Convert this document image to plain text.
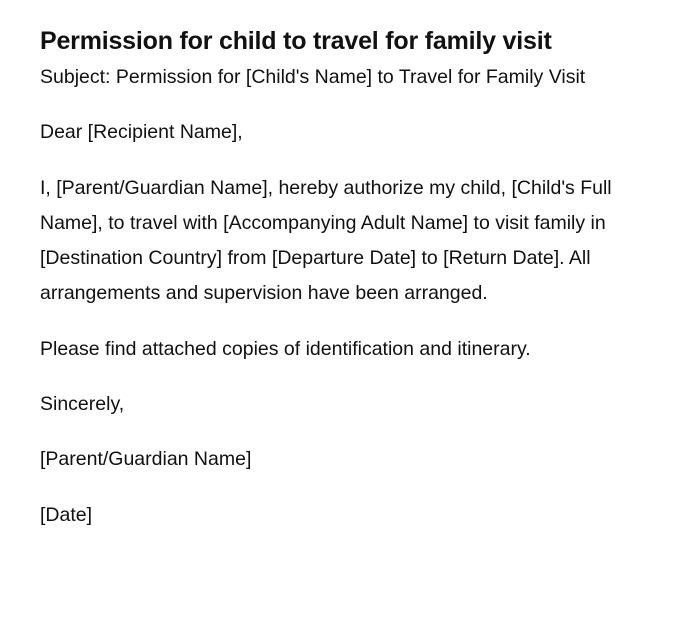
Permission for child to travel for family visit

Subject: Permission for [Child's Name] to Travel for Family Visit

Dear [Recipient Name],

I, [Parent/Guardian Name], hereby authorize my child, [Child's Full Name], to travel with [Accompanying Adult Name] to visit family in [Destination Country] from [Departure Date] to [Return Date]. All arrangements and supervision have been arranged.

Please find attached copies of identification and itinerary.

Sincerely,

[Parent/Guardian Name]

[Date]
